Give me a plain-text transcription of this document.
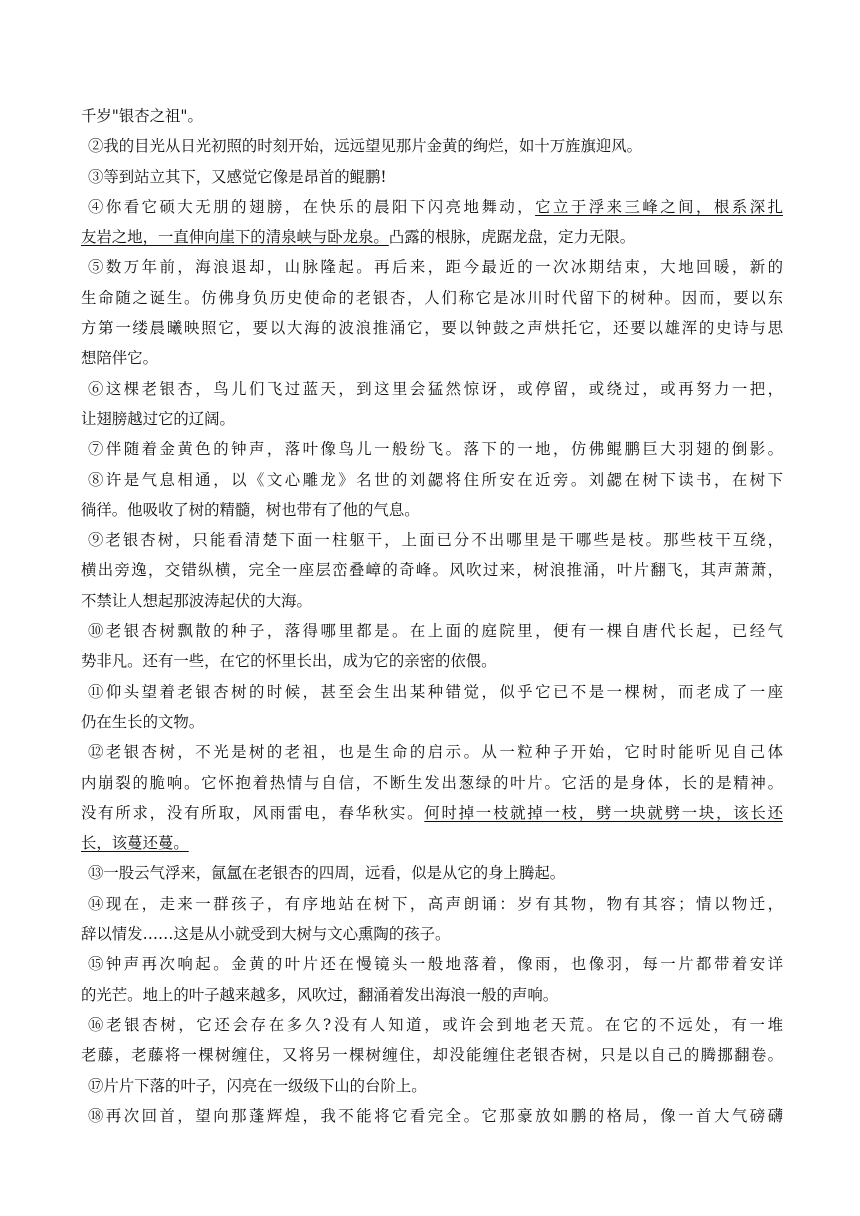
千岁"银杏之祖"。
②我的目光从日光初照的时刻开始，远远望见那片金黄的绚烂，如十万旌旗迎风。
③等到站立其下，又感觉它像是昂首的鲲鹏!
④你看它硕大无朋的翅膀，在快乐的晨阳下闪亮地舞动，它立于浮来三峰之间，根系深扎
友岩之地，一直伸向崖下的清泉峡与卧龙泉。凸露的根脉，虎踞龙盘，定力无限。
⑤数万年前，海浪退却，山脉隆起。再后来，距今最近的一次冰期结束，大地回暖，新的
生命随之诞生。仿佛身负历史使命的老银杏，人们称它是冰川时代留下的树种。因而，要以东
方第一缕晨曦映照它，要以大海的波浪推涌它，要以钟鼓之声烘托它，还要以雄浑的史诗与思
想陪伴它。
⑥这棵老银杏，鸟儿们飞过蓝天，到这里会猛然惊讶，或停留，或绕过，或再努力一把，
让翅膀越过它的辽阔。
⑦伴随着金黄色的钟声，落叶像鸟儿一般纷飞。落下的一地，仿佛鲲鹏巨大羽翅的倒影。
⑧许是气息相通，以《文心雕龙》名世的刘勰将住所安在近旁。刘勰在树下读书，在树下
徜徉。他吸收了树的精髓，树也带有了他的气息。
⑨老银杏树，只能看清楚下面一柱躯干，上面已分不出哪里是干哪些是枝。那些枝干互绕，
横出旁逸，交错纵横，完全一座层峦叠嶂的奇峰。风吹过来，树浪推涌，叶片翻飞，其声萧萧，
不禁让人想起那波涛起伏的大海。
⑩老银杏树飘散的种子，落得哪里都是。在上面的庭院里，便有一棵自唐代长起，已经气
势非凡。还有一些，在它的怀里长出，成为它的亲密的依偎。
⑪仰头望着老银杏树的时候，甚至会生出某种错觉，似乎它已不是一棵树，而老成了一座
仍在生长的文物。
⑫老银杏树，不光是树的老祖，也是生命的启示。从一粒种子开始，它时时能听见自己体
内崩裂的脆响。它怀抱着热情与自信，不断生发出葱绿的叶片。它活的是身体，长的是精神。
没有所求，没有所取，风雨雷电，春华秋实。何时掉一枝就掉一枝，劈一块就劈一块，该长还
长，该蔓还蔓。
⑬一股云气浮来，氤氲在老银杏的四周，远看，似是从它的身上腾起。
⑭现在，走来一群孩子，有序地站在树下，高声朗诵：岁有其物，物有其容；情以物迁，
辞以情发……这是从小就受到大树与文心熏陶的孩子。
⑮钟声再次响起。金黄的叶片还在慢镜头一般地落着，像雨，也像羽，每一片都带着安详
的光芒。地上的叶子越来越多，风吹过，翻涌着发出海浪一般的声响。
⑯老银杏树，它还会存在多久?没有人知道，或许会到地老天荒。在它的不远处，有一堆
老藤，老藤将一棵树缠住，又将另一棵树缠住，却没能缠住老银杏树，只是以自己的腾挪翻卷。
⑰片片下落的叶子，闪亮在一级级下山的台阶上。
⑱再次回首，望向那蓬辉煌，我不能将它看完全。它那豪放如鹏的格局，像一首大气磅礴
